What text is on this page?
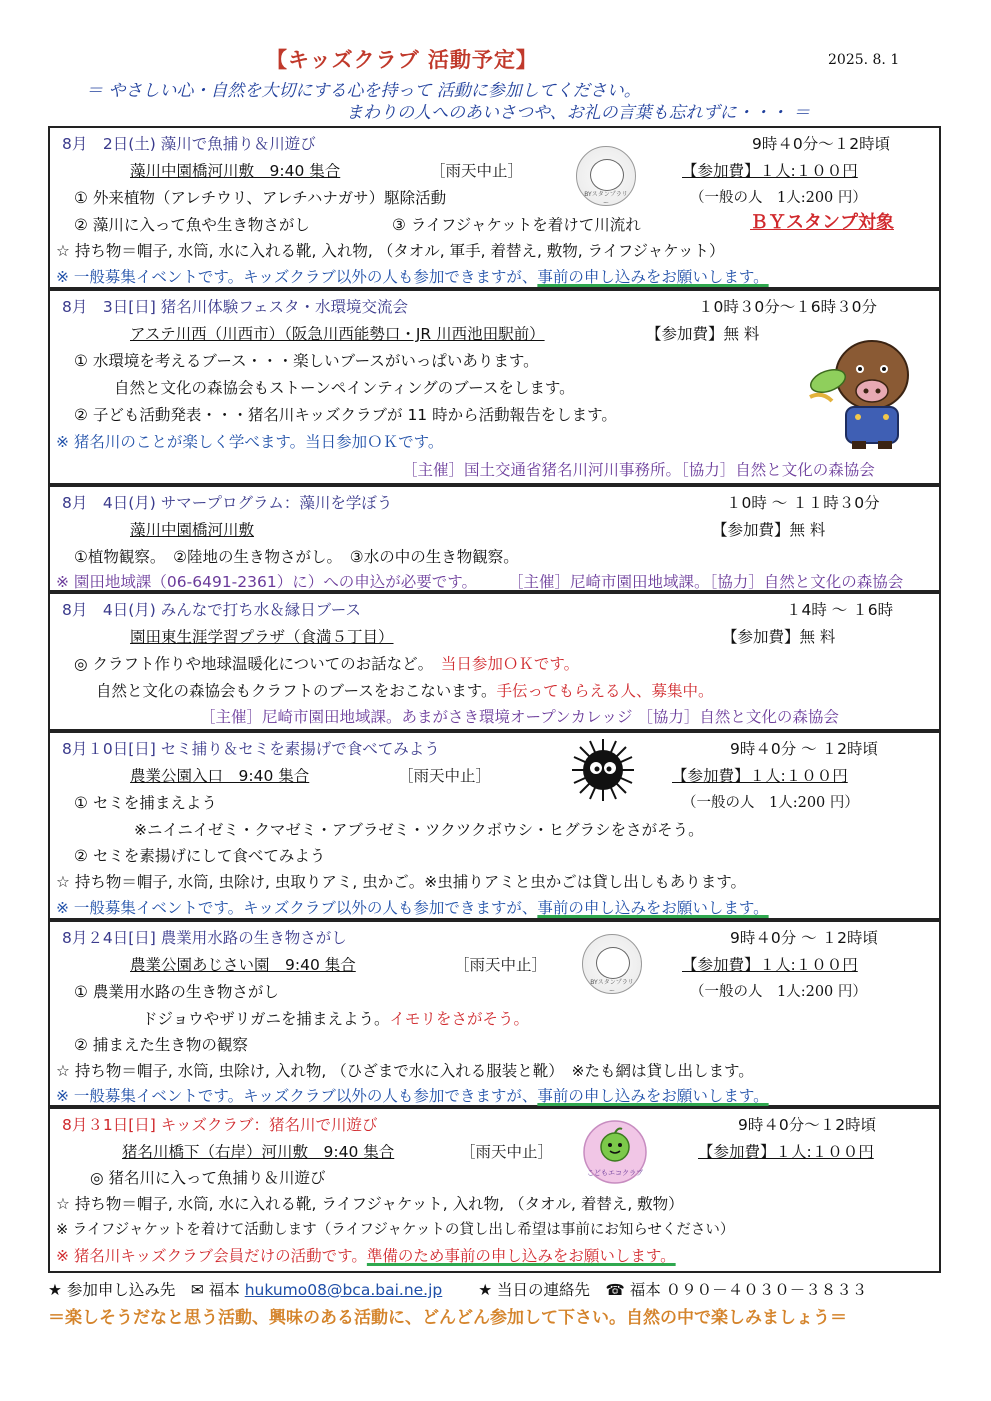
【キッズクラブ 活動予定】	2025. 8. 1
＝ やさしい心・自然を大切にする心を持って 活動に参加してください。
まわりの人へのあいさつや、お礼の言葉も忘れずに・・・ ＝
8月　2日(土) 藻川で魚捕り＆川遊び	9時４0分～１2時頃
藻川中園橋河川敷　9:40 集合	［雨天中止］
BYスタンプラリー
【参加費】１人:１００円
① 外来植物（アレチウリ、アレチハナガサ）駆除活動	（一般の人　1人:200 円）
② 藻川に入って魚や生き物さがし	③ ライフジャケットを着けて川流れ	ＢＹスタンプ対象
☆ 持ち物＝帽子, 水筒, 水に入れる靴, 入れ物, （タオル, 軍手, 着替え, 敷物, ライフジャケット）
※ 一般募集イベントです。キッズクラブ以外の人も参加できますが、事前の申し込みをお願いします。
8月　3日[日] 猪名川体験フェスタ・水環境交流会	１0時３0分～１6時３0分
アステ川西（川西市）（阪急川西能勢口・JR 川西池田駅前）	【参加費】無 料
① 水環境を考えるブース・・・楽しいブースがいっぱいあります。
自然と文化の森協会もストーンペインティングのブースをします。
② 子ども活動発表・・・猪名川キッズクラブが 11 時から活動報告をします。
※ 猪名川のことが楽しく学べます。当日参加ＯＫです。
［主催］国土交通省猪名川河川事務所。［協力］自然と文化の森協会
8月　4日(月) サマープログラム：藻川を学ぼう	１0時 ～ １１時３0分
藻川中園橋河川敷	【参加費】無 料
①植物観察。　②陸地の生き物さがし。　③水の中の生き物観察。
※ 園田地域課（06-6491-2361）に）への申込が必要です。 ［主催］尼崎市園田地域課。［協力］自然と文化の森協会
8月　4日(月) みんなで打ち水＆縁日ブース	１4時 ～ １6時
園田東生涯学習プラザ（食満５丁目）	【参加費】無 料
◎ クラフト作りや地球温暖化についてのお話など。　 当日参加ＯＫです。
自然と文化の森協会もクラフトのブースをおこないます。手伝ってもらえる人、募集中。
［主催］尼崎市園田地域課。あまがさき環境オープンカレッジ ［協力］自然と文化の森協会
8月１0日[日] セミ捕り＆セミを素揚げで食べてみよう	9時４0分 ～ １2時頃
農業公園入口　9:40 集合	［雨天中止］	【参加費】１人:１００円
① セミを捕まえよう	（一般の人　1人:200 円）
※ニイニイゼミ・クマゼミ・アブラゼミ・ツクツクボウシ・ヒグラシをさがそう。
② セミを素揚げにして食べてみよう
☆ 持ち物＝帽子, 水筒, 虫除け, 虫取りアミ, 虫かご。※虫捕りアミと虫かごは貸し出しもあります。
※ 一般募集イベントです。キッズクラブ以外の人も参加できますが、事前の申し込みをお願いします。
8月２4日[日] 農業用水路の生き物さがし	9時４0分 ～ １2時頃
農業公園あじさい園　9:40 集合	［雨天中止］
BYスタンプラリー
【参加費】１人:１００円
① 農業用水路の生き物さがし	（一般の人　1人:200 円）
ドジョウやザリガニを捕まえよう。イモリをさがそう。
② 捕まえた生き物の観察
☆ 持ち物＝帽子, 水筒, 虫除け, 入れ物, （ひざまで水に入れる服装と靴）　※たも網は貸し出します。
※ 一般募集イベントです。キッズクラブ以外の人も参加できますが、事前の申し込みをお願いします。
8月３1日[日] キッズクラブ：猪名川で川遊び	9時４0分～１2時頃
猪名川橋下（右岸）河川敷　9:40 集合	［雨天中止］
こどもエコクラブ
【参加費】１人:１００円
◎ 猪名川に入って魚捕り＆川遊び
☆ 持ち物＝帽子, 水筒, 水に入れる靴, ライフジャケット, 入れ物, （タオル, 着替え, 敷物）
※ ライフジャケットを着けて活動します（ライフジャケットの貸し出し希望は事前にお知らせください）
※ 猪名川キッズクラブ会員だけの活動です。準備のため事前の申し込みをお願いします。
★ 参加申し込み先　✉ 福本 hukumo08@bca.bai.ne.jp 　　 ★ 当日の連絡先　☎ 福本 ０９０－４０３０－３８３３
＝楽しそうだなと思う活動、興味のある活動に、どんどん参加して下さい。自然の中で楽しみましょう＝
